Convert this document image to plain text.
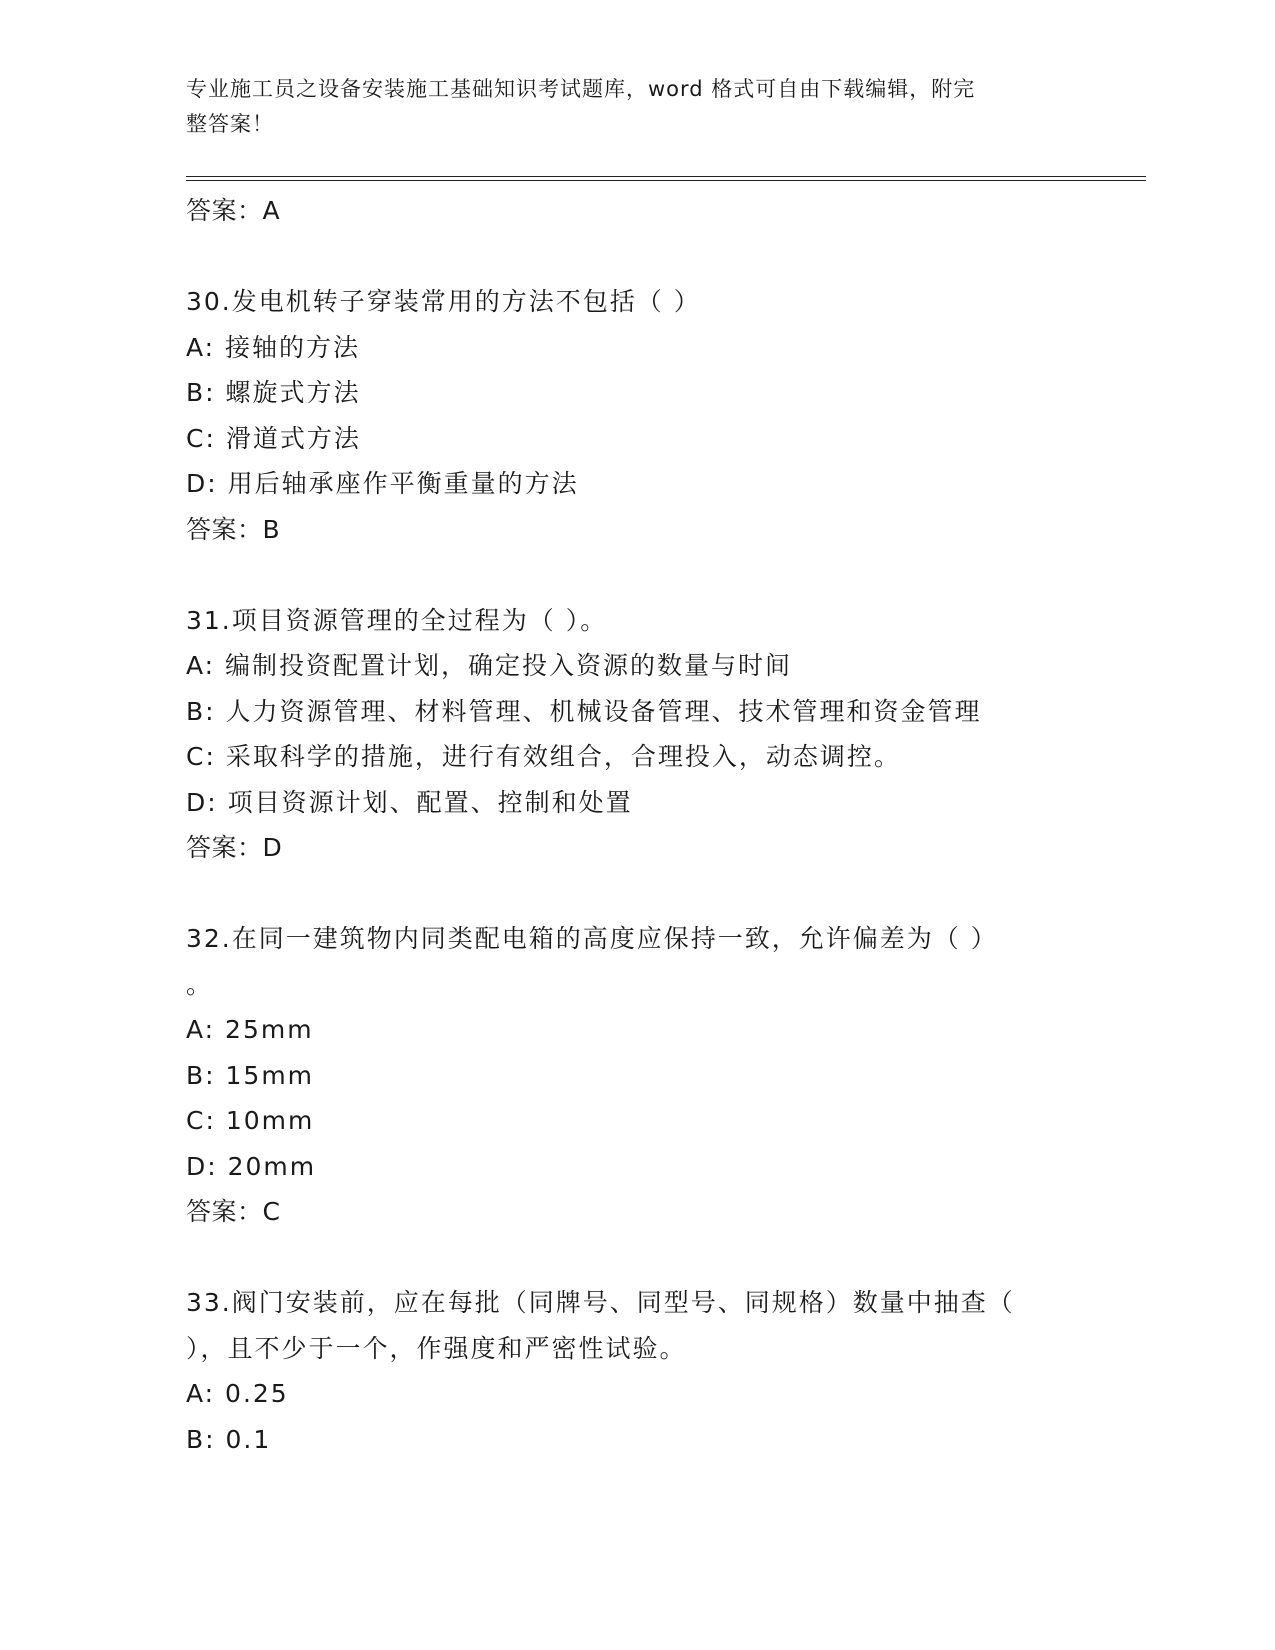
专业施工员之设备安装施工基础知识考试题库，word 格式可自由下载编辑，附完
整答案！
答案：A
30.发电机转子穿装常用的方法不包括（ ）
A: 接轴的方法
B: 螺旋式方法
C: 滑道式方法
D: 用后轴承座作平衡重量的方法
答案：B
31.项目资源管理的全过程为（ ）。
A: 编制投资配置计划，确定投入资源的数量与时间
B: 人力资源管理、材料管理、机械设备管理、技术管理和资金管理
C: 采取科学的措施，进行有效组合，合理投入，动态调控。
D: 项目资源计划、配置、控制和处置
答案：D
32.在同一建筑物内同类配电箱的高度应保持一致，允许偏差为（ ）
。
A: 25mm
B: 15mm
C: 10mm
D: 20mm
答案：C
33.阀门安装前，应在每批（同牌号、同型号、同规格）数量中抽查（
），且不少于一个，作强度和严密性试验。
A: 0.25
B: 0.1
